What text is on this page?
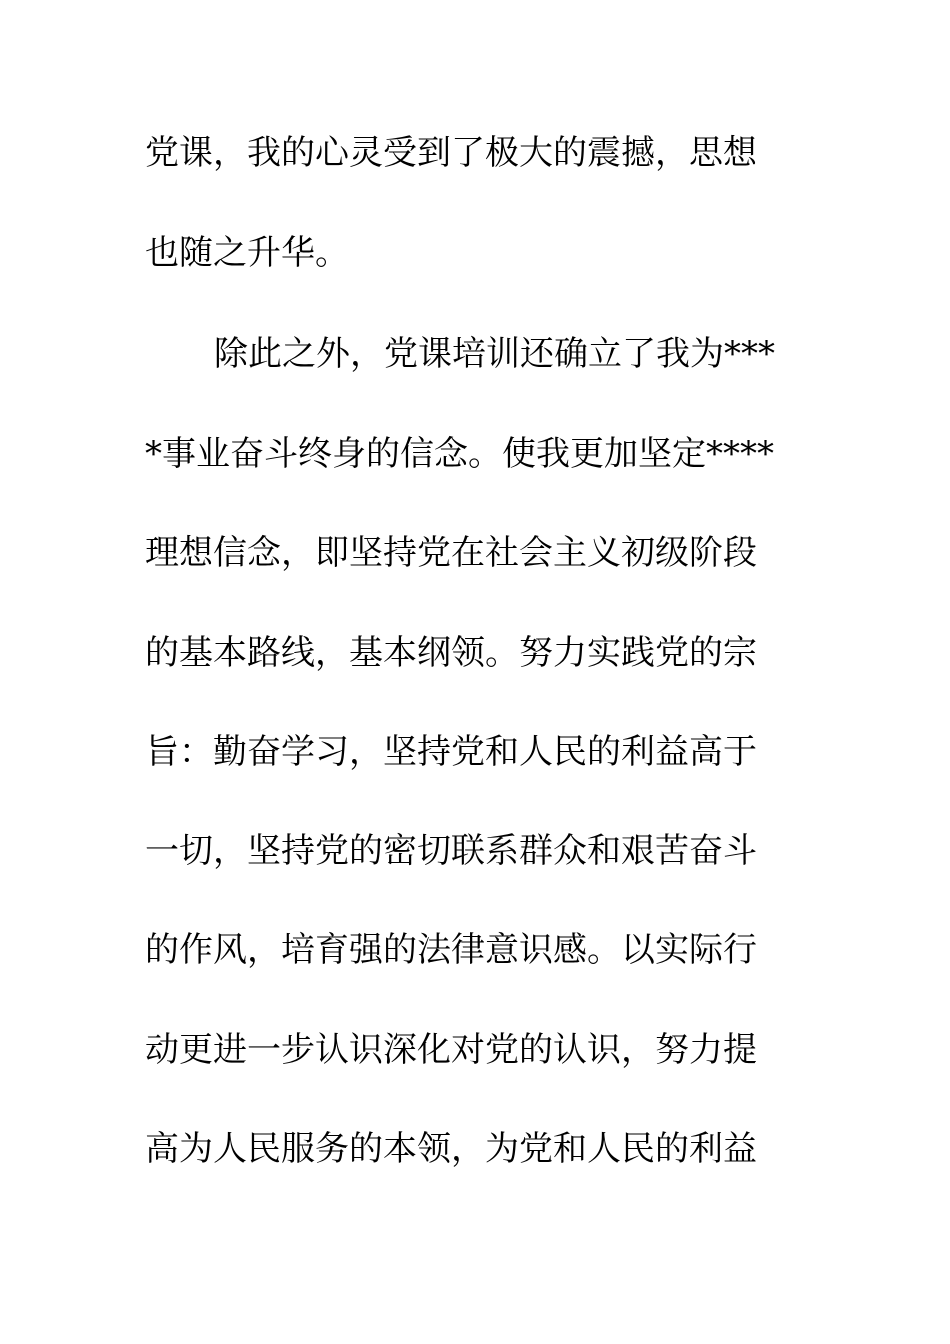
党课，我的心灵受到了极大的震撼，思想
也随之升华。
除此之外，党课培训还确立了我为***
*事业奋斗终身的信念。使我更加坚定****
理想信念，即坚持党在社会主义初级阶段
的基本路线，基本纲领。努力实践党的宗
旨：勤奋学习，坚持党和人民的利益高于
一切，坚持党的密切联系群众和艰苦奋斗
的作风，培育强的法律意识感。以实际行
动更进一步认识深化对党的认识，努力提
高为人民服务的本领，为党和人民的利益
